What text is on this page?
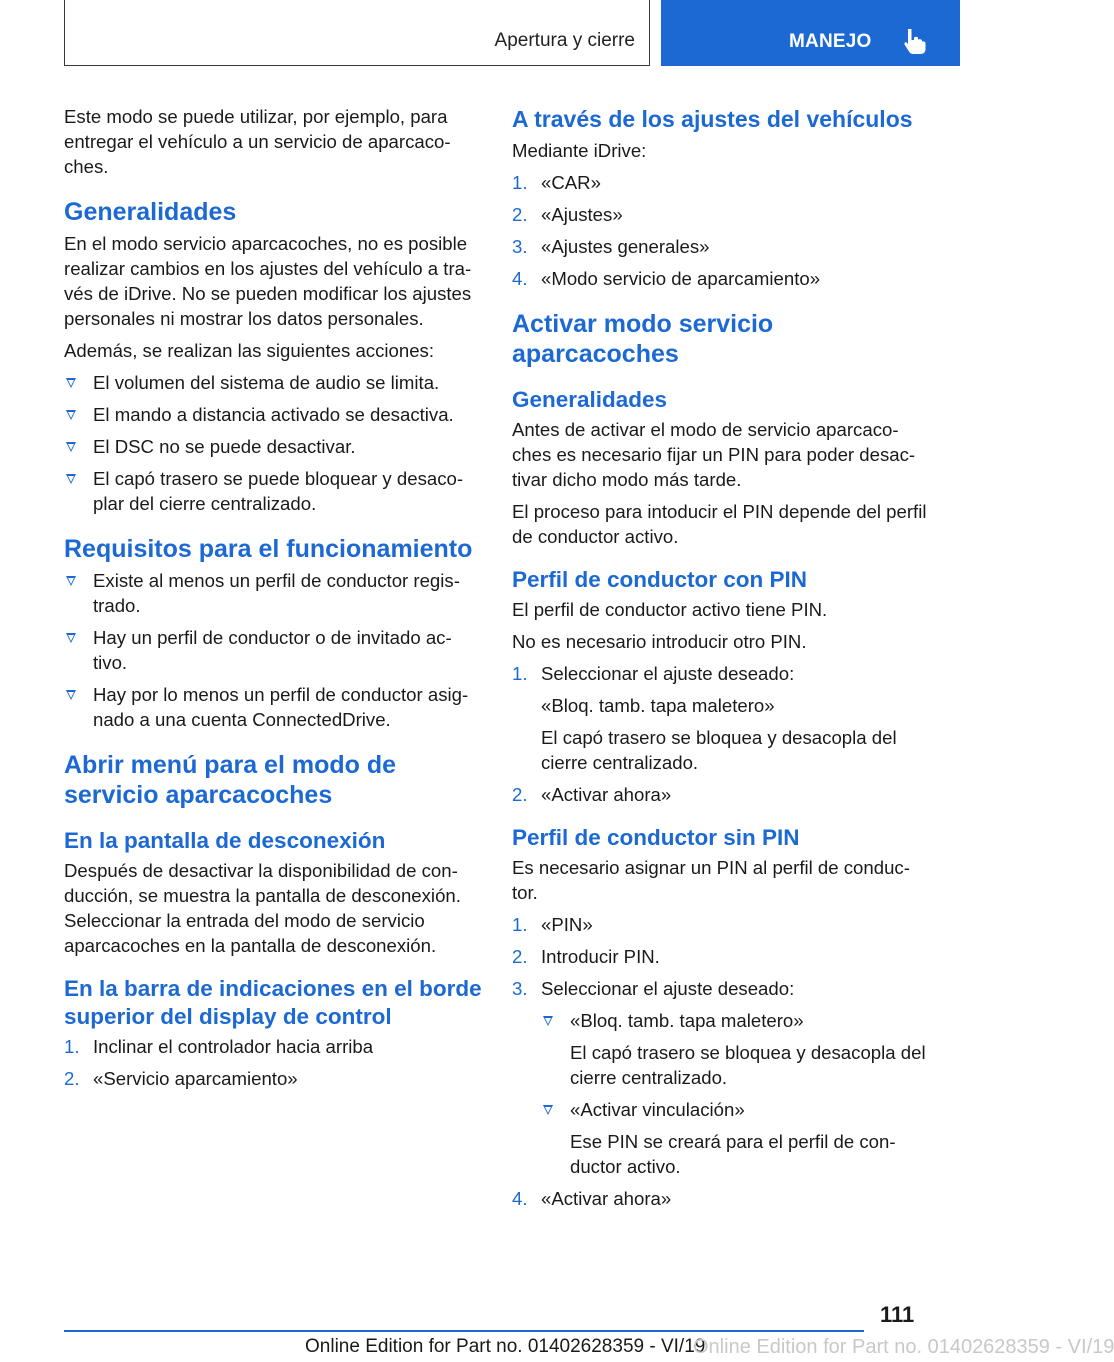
Apertura y cierre	MANEJO
Este modo se puede utilizar, por ejemplo, para entregar el vehículo a un servicio de aparcaco-ches.
Generalidades
En el modo servicio aparcacoches, no es posible realizar cambios en los ajustes del vehículo a tra-vés de iDrive. No se pueden modificar los ajustes personales ni mostrar los datos personales.
Además, se realizan las siguientes acciones:
El volumen del sistema de audio se limita.
El mando a distancia activado se desactiva.
El DSC no se puede desactivar.
El capó trasero se puede bloquear y desaco-plar del cierre centralizado.
Requisitos para el funcionamiento
Existe al menos un perfil de conductor regis-trado.
Hay un perfil de conductor o de invitado ac-tivo.
Hay por lo menos un perfil de conductor asig-nado a una cuenta ConnectedDrive.
Abrir menú para el modo de servicio aparcacoches
En la pantalla de desconexión
Después de desactivar la disponibilidad de con-ducción, se muestra la pantalla de desconexión. Seleccionar la entrada del modo de servicio aparcacoches en la pantalla de desconexión.
En la barra de indicaciones en el borde superior del display de control
1. Inclinar el controlador hacia arriba
2. «Servicio aparcamiento»
A través de los ajustes del vehículos
Mediante iDrive:
1. «CAR»
2. «Ajustes»
3. «Ajustes generales»
4. «Modo servicio de aparcamiento»
Activar modo servicio aparcacoches
Generalidades
Antes de activar el modo de servicio aparcaco-ches es necesario fijar un PIN para poder desac-tivar dicho modo más tarde.
El proceso para intoducir el PIN depende del perfil de conductor activo.
Perfil de conductor con PIN
El perfil de conductor activo tiene PIN.
No es necesario introducir otro PIN.
1. Seleccionar el ajuste deseado:
«Bloq. tamb. tapa maletero»
El capó trasero se bloquea y desacopla del cierre centralizado.
2. «Activar ahora»
Perfil de conductor sin PIN
Es necesario asignar un PIN al perfil de conduc-tor.
1. «PIN»
2. Introducir PIN.
3. Seleccionar el ajuste deseado:
«Bloq. tamb. tapa maletero»
El capó trasero se bloquea y desacopla del cierre centralizado.
«Activar vinculación»
Ese PIN se creará para el perfil de con-ductor activo.
4. «Activar ahora»
111
Online Edition for Part no. 01402628359 - VI/19
Online Edition for Part no. 01402628359 - VI/19
